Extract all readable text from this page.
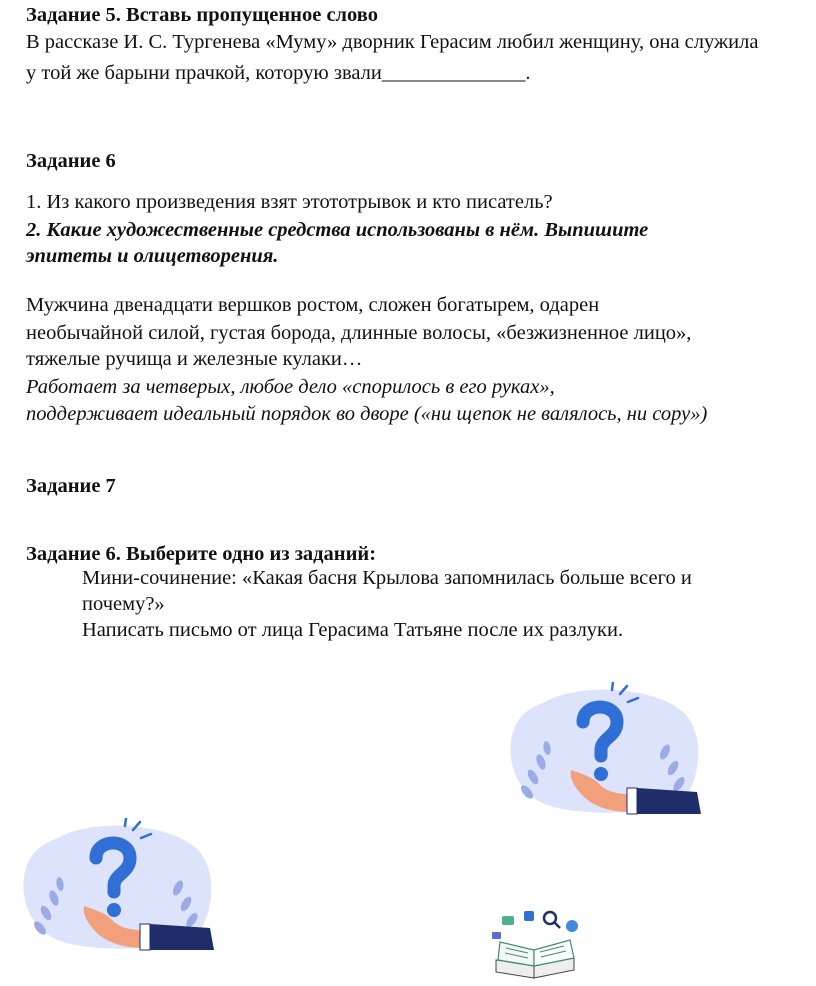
Задание 5. Вставь пропущенное слово
В рассказе И. С. Тургенева «Муму» дворник Герасим любил женщину, она служила
у той же барыни прачкой, которую звали______________.
Задание 6
1. Из какого произведения взят этототрывок и кто писатель?
2. Какие художественные средства использованы в нём. Выпишите
эпитеты и олицетворения.
Мужчина двенадцати вершков ростом, сложен богатырем, одарен
необычайной силой, густая борода, длинные волосы, «безжизненное лицо»,
тяжелые ручища и железные кулаки…
Работает за четверых, любое дело «спорилось в его руках»,
поддерживает идеальный порядок во дворе («ни щепок не валялось, ни сору»)
Задание 7
Задание 6. Выберите одно из заданий:
Мини-сочинение: «Какая басня Крылова запомнилась больше всего и
почему?»
Написать письмо от лица Герасима Татьяне после их разлуки.
